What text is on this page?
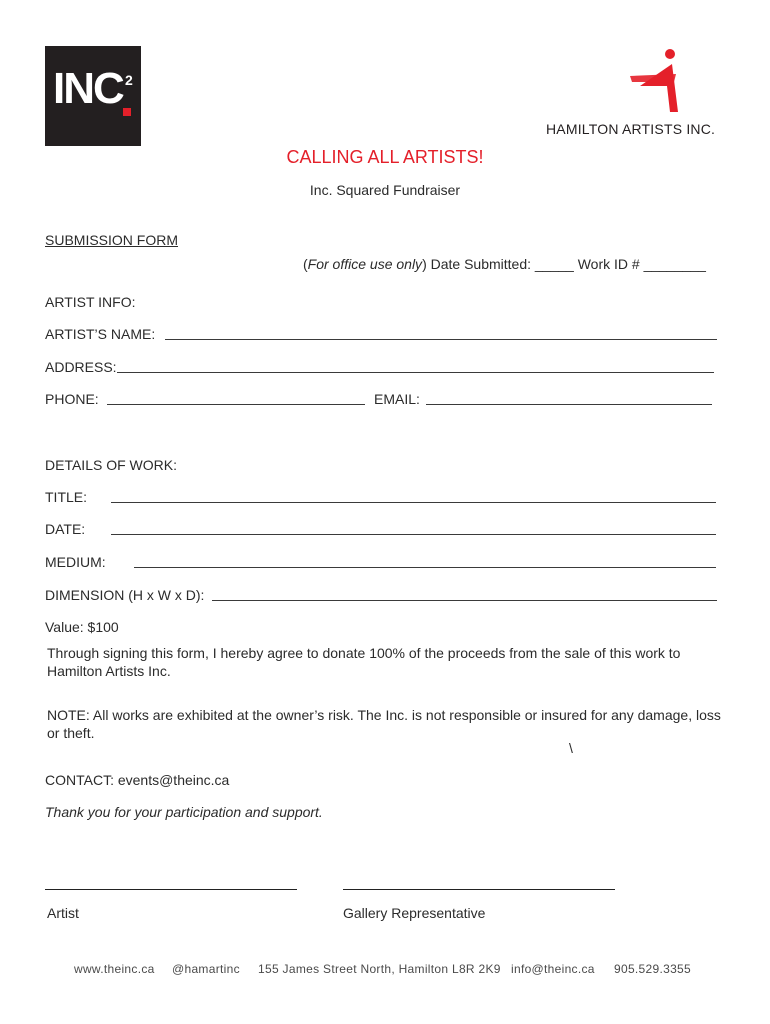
INC 2
HAMILTON ARTISTS INC.
CALLING ALL ARTISTS!
Inc. Squared Fundraiser
SUBMISSION FORM
(For office use only) Date Submitted: _____ Work ID # ________
ARTIST INFO:
ARTIST’S NAME:
ADDRESS:
PHONE:	EMAIL:
DETAILS OF WORK:
TITLE:
DATE:
MEDIUM:
DIMENSION (H x W x D):
Value: $100
Through signing this form, I hereby agree to donate 100% of the proceeds from the sale of this work to Hamilton Artists Inc.
NOTE: All works are exhibited at the owner’s risk. The Inc. is not responsible or insured for any damage, loss or theft.
\
CONTACT: events@theinc.ca
Thank you for your participation and support.
Artist	Gallery Representative
www.theinc.ca @hamartinc 155 James Street North, Hamilton L8R 2K9 info@theinc.ca 905.529.3355
